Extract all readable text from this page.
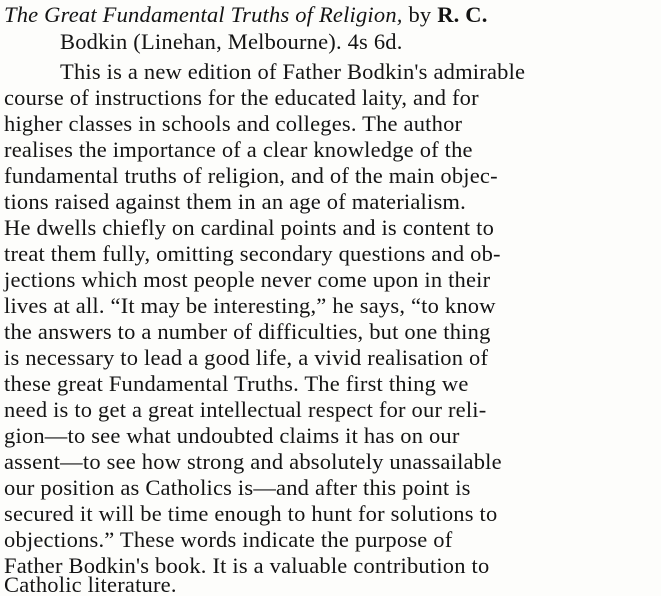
The Great Fundamental Truths of Religion, by R. C.
Bodkin (Linehan, Melbourne). 4s 6d.
This is a new edition of Father Bodkin's admirable
course of instructions for the educated laity, and for
higher classes in schools and colleges. The author
realises the importance of a clear knowledge of the
fundamental truths of religion, and of the main objec-
tions raised against them in an age of materialism.
He dwells chiefly on cardinal points and is content to
treat them fully, omitting secondary questions and ob-
jections which most people never come upon in their
lives at all. “It may be interesting,” he says, “to know
the answers to a number of difficulties, but one thing
is necessary to lead a good life, a vivid realisation of
these great Fundamental Truths. The first thing we
need is to get a great intellectual respect for our reli-
gion—to see what undoubted claims it has on our
assent—to see how strong and absolutely unassailable
our position as Catholics is—and after this point is
secured it will be time enough to hunt for solutions to
objections.” These words indicate the purpose of
Father Bodkin's book. It is a valuable contribution to
Catholic literature.
